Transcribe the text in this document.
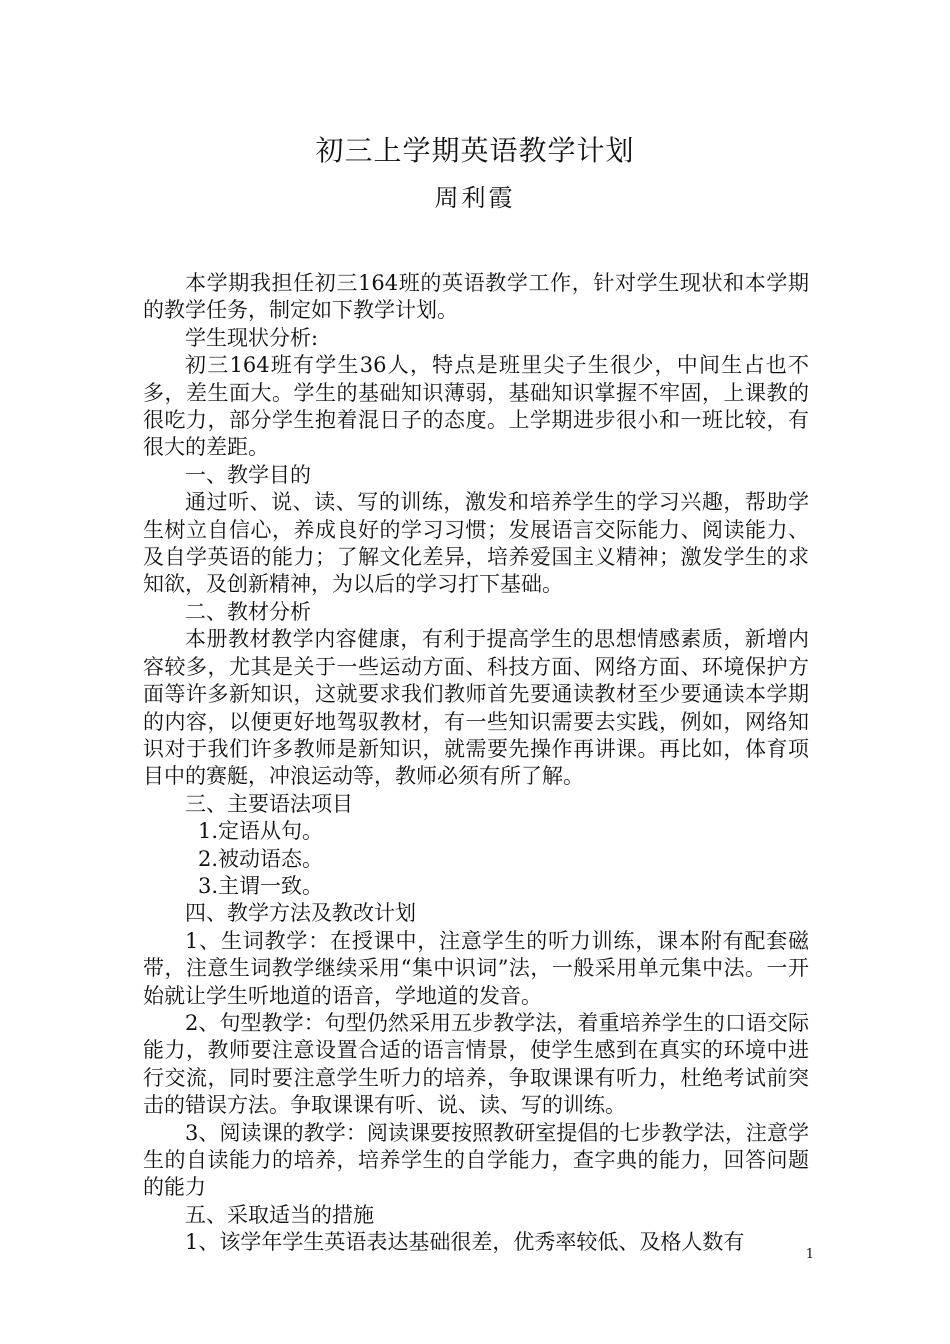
初三上学期英语教学计划
周利霞

本学期我担任初三164班的英语教学工作，针对学生现状和本学期的教学任务，制定如下教学计划。

学生现状分析:

初三164班有学生36人，特点是班里尖子生很少，中间生占也不多，差生面大。学生的基础知识薄弱，基础知识掌握不牢固，上课教的很吃力，部分学生抱着混日子的态度。上学期进步很小和一班比较，有很大的差距。

一、教学目的

通过听、说、读、写的训练，激发和培养学生的学习兴趣，帮助学生树立自信心，养成良好的学习习惯；发展语言交际能力、阅读能力、及自学英语的能力；了解文化差异，培养爱国主义精神；激发学生的求知欲，及创新精神，为以后的学习打下基础。

二、教材分析

本册教材教学内容健康，有利于提高学生的思想情感素质，新增内容较多，尤其是关于一些运动方面、科技方面、网络方面、环境保护方面等许多新知识，这就要求我们教师首先要通读教材至少要通读本学期的内容，以便更好地驾驭教材，有一些知识需要去实践，例如，网络知识对于我们许多教师是新知识，就需要先操作再讲课。再比如，体育项目中的赛艇，冲浪运动等，教师必须有所了解。

三、主要语法项目

1.定语从句。

2.被动语态。

3.主谓一致。

四、教学方法及教改计划

1、生词教学：在授课中，注意学生的听力训练，课本附有配套磁带，注意生词教学继续采用“集中识词”法，一般采用单元集中法。一开始就让学生听地道的语音，学地道的发音。

2、句型教学：句型仍然采用五步教学法，着重培养学生的口语交际能力，教师要注意设置合适的语言情景，使学生感到在真实的环境中进行交流，同时要注意学生听力的培养，争取课课有听力，杜绝考试前突击的错误方法。争取课课有听、说、读、写的训练。

3、阅读课的教学：阅读课要按照教研室提倡的七步教学法，注意学生的自读能力的培养，培养学生的自学能力，查字典的能力，回答问题的能力

五、采取适当的措施

1、该学年学生英语表达基础很差，优秀率较低、及格人数有

1
